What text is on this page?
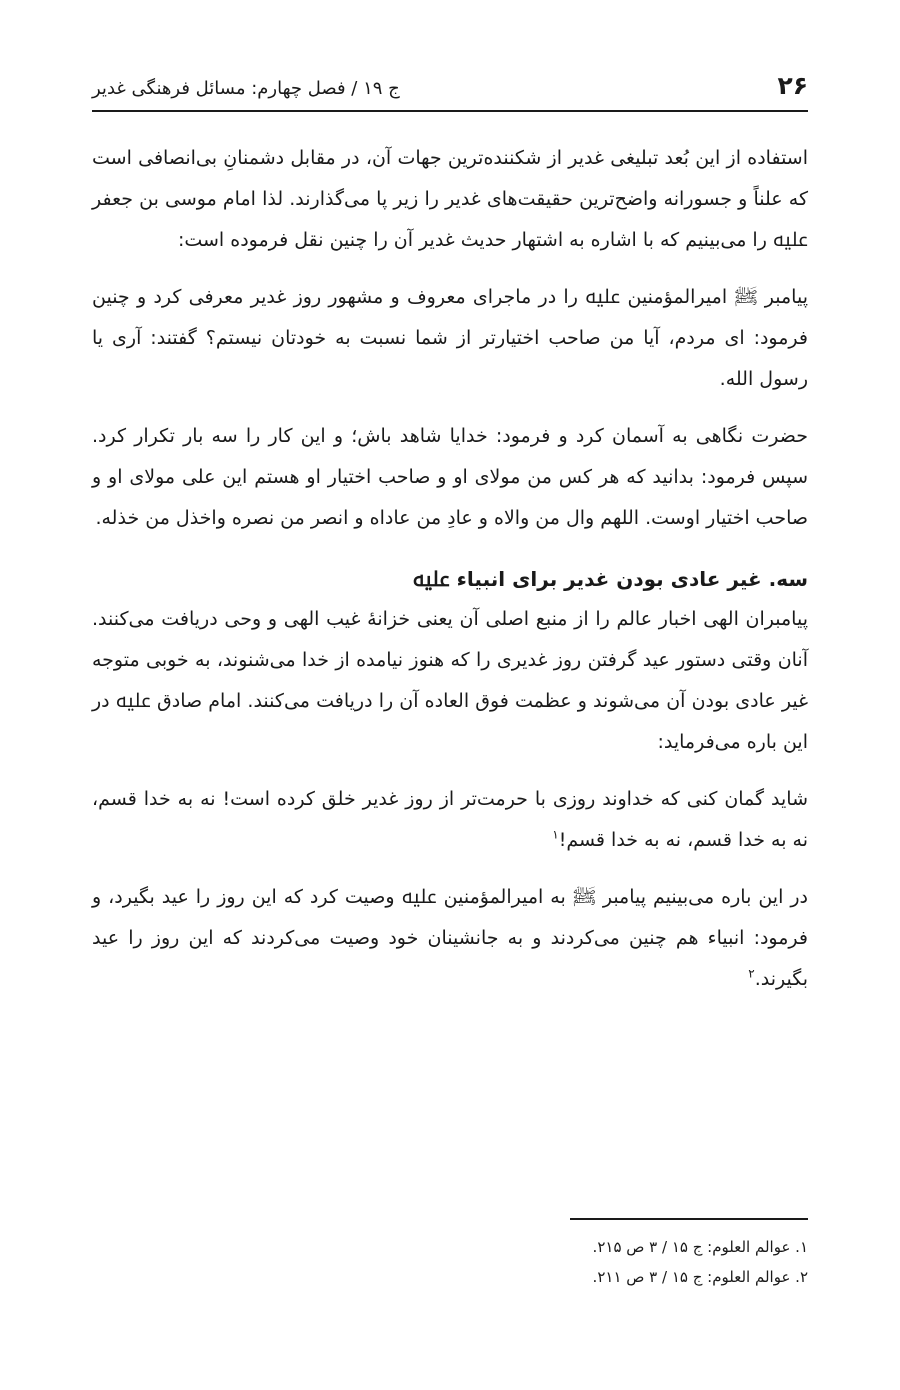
۲۶
ج ۱۹ / فصل چهارم: مسائل فرهنگی غدیر

استفاده از این بُعد تبلیغی غدیر از شکننده‌ترین جهات آن، در مقابل دشمنانِ بی‌انصافی است که علناً و جسورانه واضح‌ترین حقیقت‌های غدیر را زیر پا می‌گذارند. لذا امام موسی بن جعفر ﷷ را می‌بینیم که با اشاره به اشتهار حدیث غدیر آن را چنین نقل فرموده است:

پیامبر ﷺ امیرالمؤمنین ﷷ را در ماجرای معروف و مشهور روز غدیر معرفی کرد و چنین فرمود: ای مردم، آیا من صاحب اختیارتر از شما نسبت به خودتان نیستم؟ گفتند: آری یا رسول الله.

حضرت نگاهی به آسمان کرد و فرمود: خدایا شاهد باش؛ و این کار را سه بار تکرار کرد. سپس فرمود: بدانید که هر کس من مولای او و صاحب اختیار او هستم این علی مولای او و صاحب اختیار اوست. اللهم وال من والاه و عادِ من عاداه و انصر من نصره واخذل من خذله.

سه. غیر عادی بودن غدیر برای انبیاء ﷷ

پیامبران الهی اخبار عالم را از منبع اصلی آن یعنی خزانۀ غیب الهی و وحی دریافت می‌کنند. آنان وقتی دستور عید گرفتن روز غدیری را که هنوز نیامده از خدا می‌شنوند، به خوبی متوجه غیر عادی بودن آن می‌شوند و عظمت فوق العاده آن را دریافت می‌کنند. امام صادق ﷷ در این باره می‌فرماید:

شاید گمان کنی که خداوند روزی با حرمت‌تر از روز غدیر خلق کرده است! نه به خدا قسم، نه به خدا قسم، نه به خدا قسم!$^۱$

در این باره می‌بینیم پیامبر ﷺ به امیرالمؤمنین ﷷ وصیت کرد که این روز را عید بگیرد، و فرمود: انبیاء هم چنین می‌کردند و به جانشینان خود وصیت می‌کردند که این روز را عید بگیرند.$^۲$

۱. عوالم العلوم: ج ۱۵ / ۳ ص ۲۱۵.

۲. عوالم العلوم: ج ۱۵ / ۳ ص ۲۱۱.
